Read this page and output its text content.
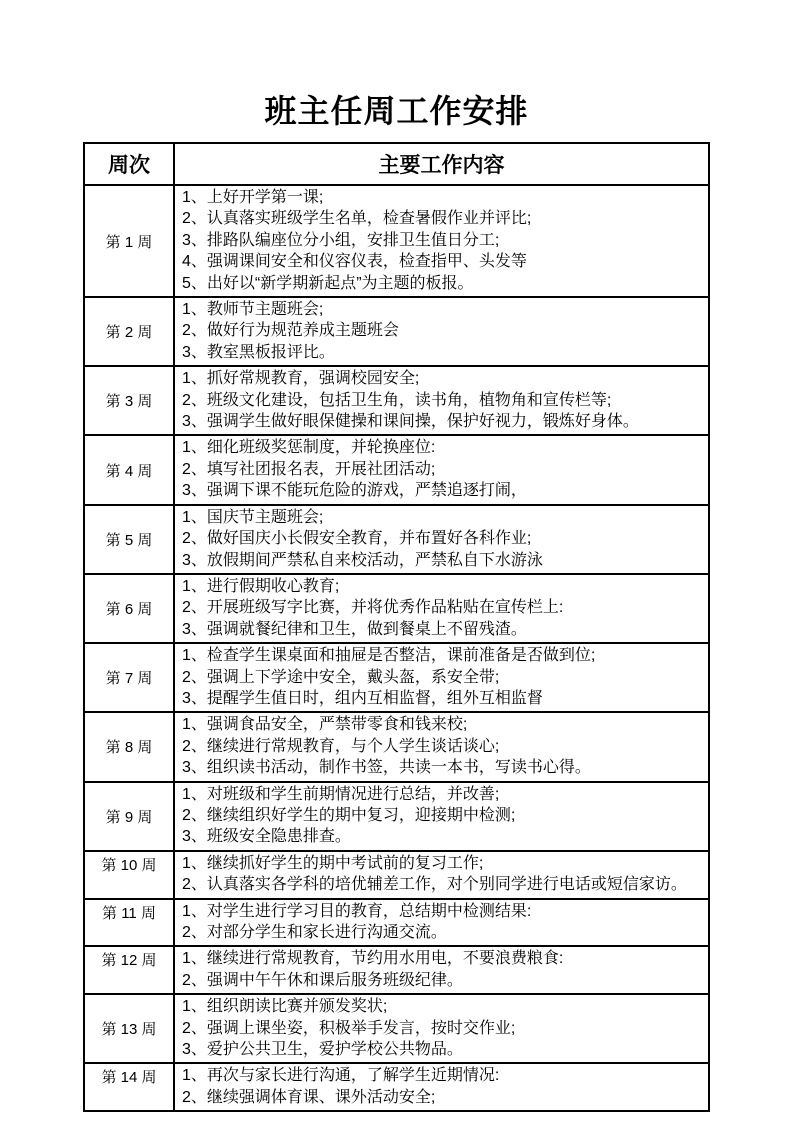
班主任周工作安排
周次	主要工作内容
第 1 周	1、上好开学第一课;
2、认真落实班级学生名单，检查暑假作业并评比;
3、排路队编座位分小组，安排卫生值日分工;
4、强调课间安全和仪容仪表，检查指甲、头发等
5、出好以“新学期新起点”为主题的板报。

第 2 周	1、教师节主题班会;
2、做好行为规范养成主题班会
3、教室黑板报评比。

第 3 周	1、抓好常规教育，强调校园安全;
2、班级文化建设，包括卫生角，读书角，植物角和宣传栏等;
3、强调学生做好眼保健操和课间操，保护好视力，锻炼好身体。

第 4 周	1、细化班级奖惩制度，并轮换座位:
2、填写社团报名表，开展社团活动;
3、强调下课不能玩危险的游戏，严禁追逐打闹，

第 5 周	1、国庆节主题班会;
2、做好国庆小长假安全教育，并布置好各科作业;
3、放假期间严禁私自来校活动，严禁私自下水游泳

第 6 周	1、进行假期收心教育;
2、开展班级写字比赛，并将优秀作品粘贴在宣传栏上:
3、强调就餐纪律和卫生，做到餐桌上不留残渣。

第 7 周	1、检查学生课桌面和抽屉是否整洁，课前准备是否做到位;
2、强调上下学途中安全，戴头盔，系安全带;
3、提醒学生值日时，组内互相监督，组外互相监督

第 8 周	1、强调食品安全，严禁带零食和钱来校;
2、继续进行常规教育，与个人学生谈话谈心;
3、组织读书活动，制作书签，共读一本书，写读书心得。

第 9 周	1、对班级和学生前期情况进行总结，并改善;
2、继续组织好学生的期中复习，迎接期中检测;
3、班级安全隐患排查。

第 10 周	1、继续抓好学生的期中考试前的复习工作;
2、认真落实各学科的培优辅差工作，对个别同学进行电话或短信家访。

第 11 周	1、对学生进行学习目的教育，总结期中检测结果:
2、对部分学生和家长进行沟通交流。

第 12 周	1、继续进行常规教育，节约用水用电，不要浪费粮食:
2、强调中午午休和课后服务班级纪律。

第 13 周	1、组织朗读比赛并颁发奖状;
2、强调上课坐姿，积极举手发言，按时交作业;
3、爱护公共卫生，爱护学校公共物品。

第 14 周	1、再次与家长进行沟通，了解学生近期情况:
2、继续强调体育课、课外活动安全;
